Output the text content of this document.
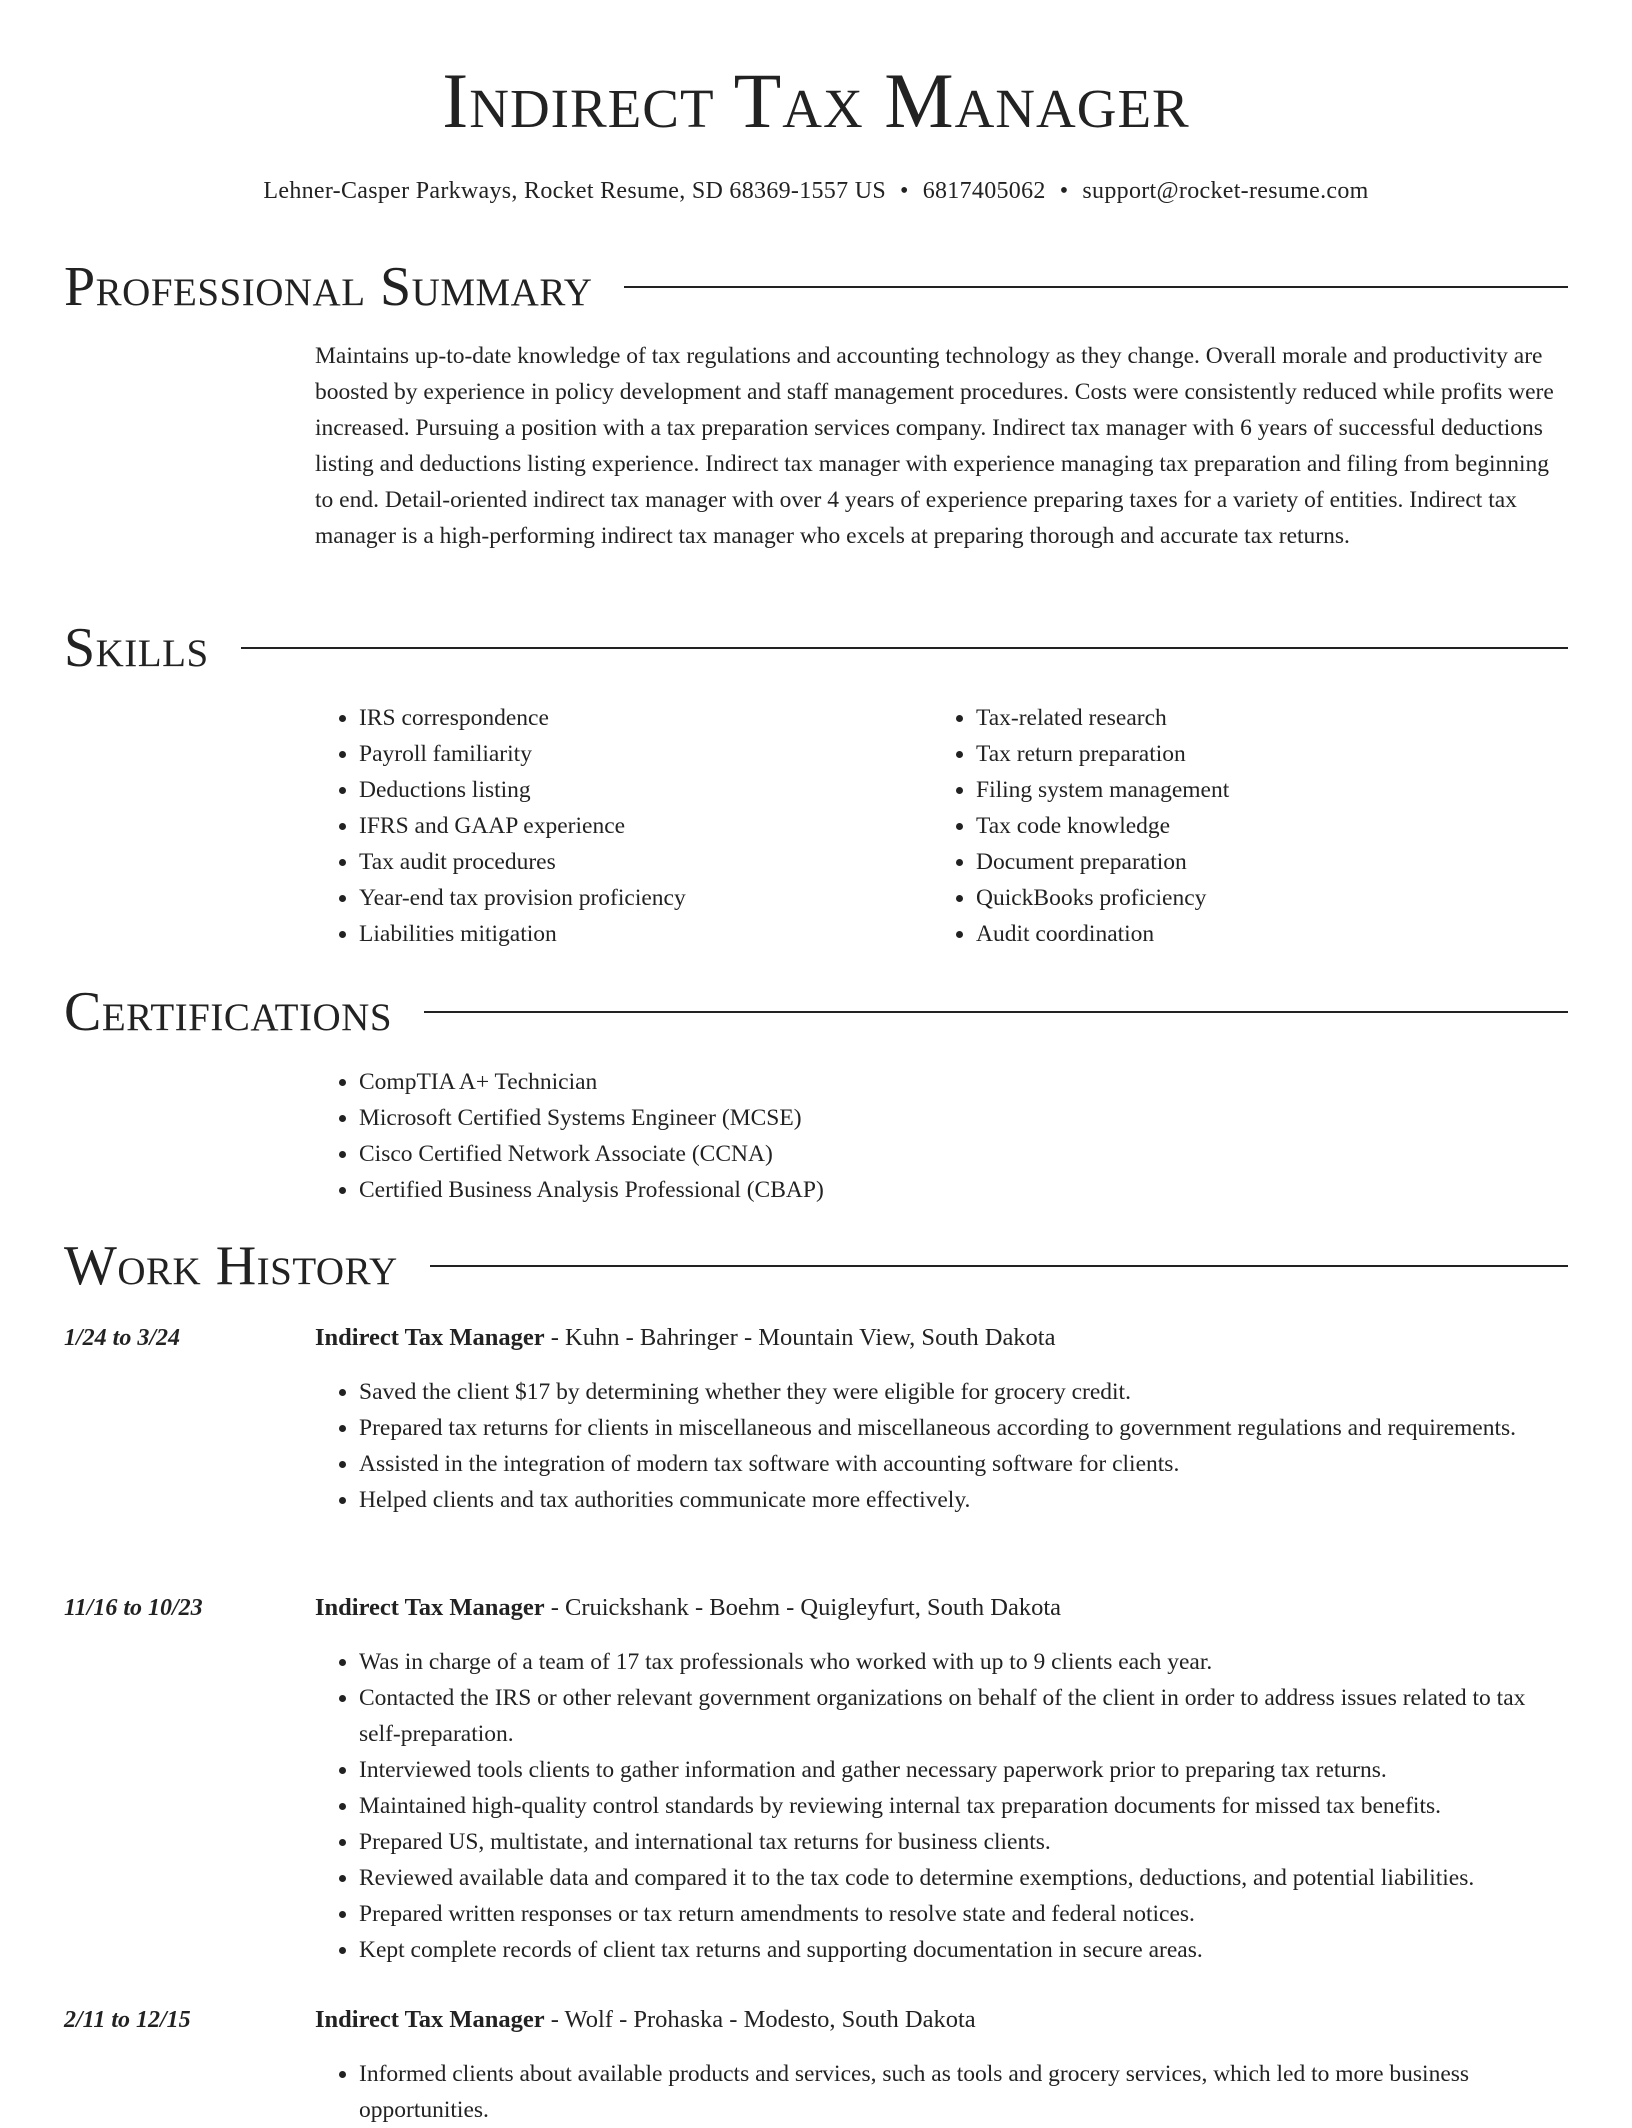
Indirect Tax Manager
Lehner-Casper Parkways, Rocket Resume, SD 68369-1557 US • 6817405062 • support@rocket-resume.com
Professional Summary

Maintains up-to-date knowledge of tax regulations and accounting technology as they change. Overall morale and productivity are boosted by experience in policy development and staff management procedures. Costs were consistently reduced while profits were increased. Pursuing a position with a tax preparation services company. Indirect tax manager with 6 years of successful deductions listing and deductions listing experience. Indirect tax manager with experience managing tax preparation and filing from beginning to end. Detail-oriented indirect tax manager with over 4 years of experience preparing taxes for a variety of entities. Indirect tax manager is a high-performing indirect tax manager who excels at preparing thorough and accurate tax returns.

Skills
• IRS correspondence
• Payroll familiarity
• Deductions listing
• IFRS and GAAP experience
• Tax audit procedures
• Year-end tax provision proficiency
• Liabilities mitigation
• Tax-related research
• Tax return preparation
• Filing system management
• Tax code knowledge
• Document preparation
• QuickBooks proficiency
• Audit coordination
Certifications
• CompTIA A+ Technician
• Microsoft Certified Systems Engineer (MCSE)
• Cisco Certified Network Associate (CCNA)
• Certified Business Analysis Professional (CBAP)
Work History
1/24 to 3/24	Indirect Tax Manager - Kuhn - Bahringer - Mountain View, South Dakota
• Saved the client $17 by determining whether they were eligible for grocery credit.
• Prepared tax returns for clients in miscellaneous and miscellaneous according to government regulations and requirements.
• Assisted in the integration of modern tax software with accounting software for clients.
• Helped clients and tax authorities communicate more effectively.
11/16 to 10/23	Indirect Tax Manager - Cruickshank - Boehm - Quigleyfurt, South Dakota
• Was in charge of a team of 17 tax professionals who worked with up to 9 clients each year.
• Contacted the IRS or other relevant government organizations on behalf of the client in order to address issues related to tax self-preparation.
• Interviewed tools clients to gather information and gather necessary paperwork prior to preparing tax returns.
• Maintained high-quality control standards by reviewing internal tax preparation documents for missed tax benefits.
• Prepared US, multistate, and international tax returns for business clients.
• Reviewed available data and compared it to the tax code to determine exemptions, deductions, and potential liabilities.
• Prepared written responses or tax return amendments to resolve state and federal notices.
• Kept complete records of client tax returns and supporting documentation in secure areas.
2/11 to 12/15	Indirect Tax Manager - Wolf - Prohaska - Modesto, South Dakota
• Informed clients about available products and services, such as tools and grocery services, which led to more business opportunities.
